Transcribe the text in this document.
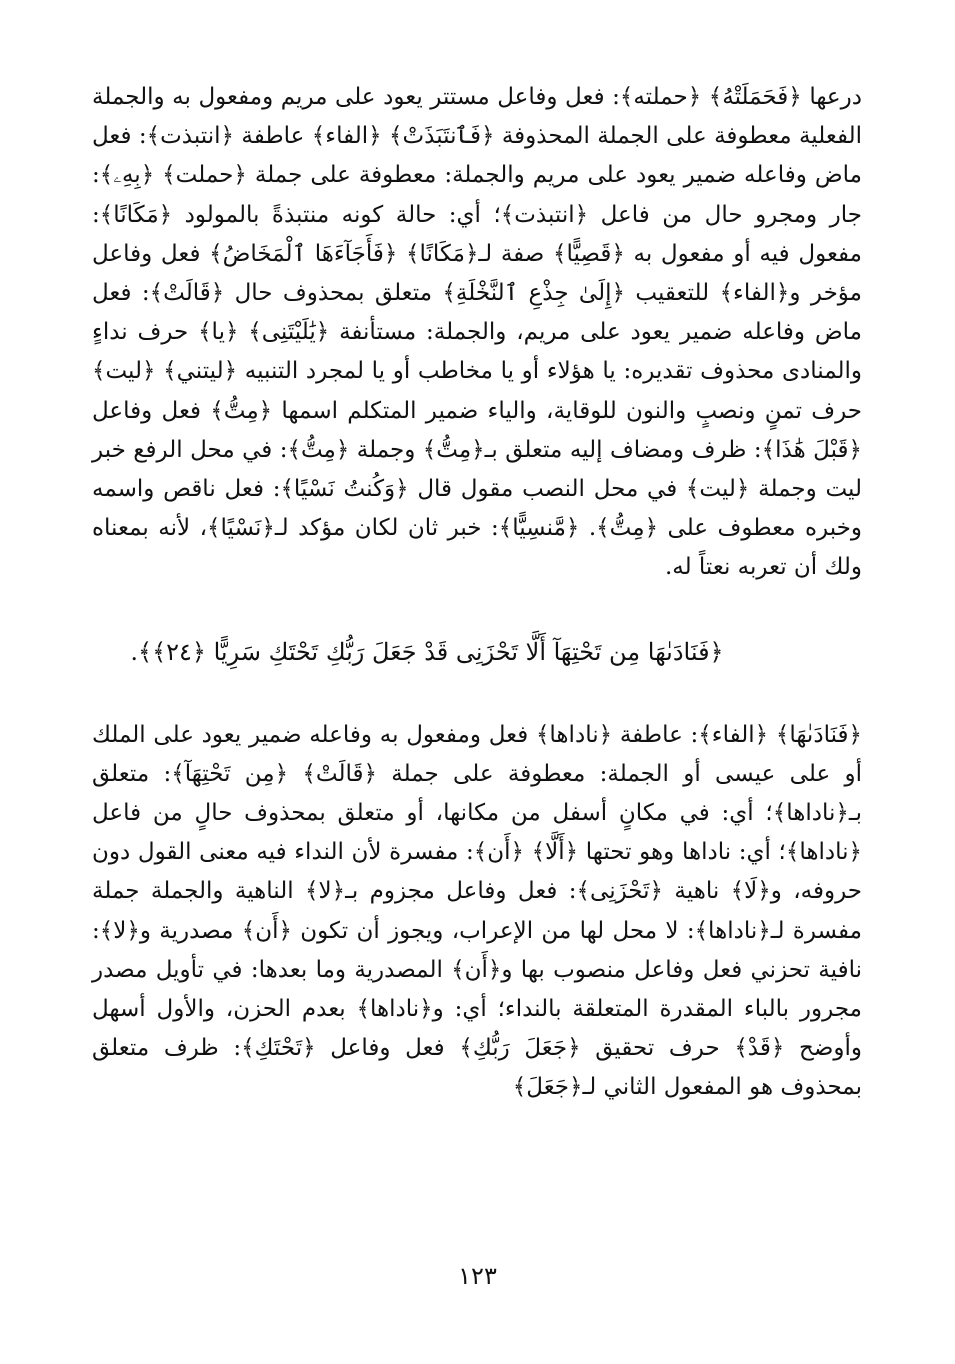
درعها ﴿فَحَمَلَتْهُ﴾ ﴿حملته﴾: فعل وفاعل مستتر يعود على مريم ومفعول به والجملة الفعلية معطوفة على الجملة المحذوفة ﴿فَٱنتَبَذَتْ﴾ ﴿الفاء﴾ عاطفة ﴿انتبذت﴾: فعل ماض وفاعله ضمير يعود على مريم والجملة: معطوفة على جملة ﴿حملت﴾ ﴿بِهِۦ﴾: جار ومجرو حال من فاعل ﴿انتبذت﴾؛ أي: حالة كونه منتبذةً بالمولود ﴿مَكَانًا﴾: مفعول فيه أو مفعول به ﴿قَصِيًّا﴾ صفة لـ﴿مَكَانًا﴾ ﴿فَأَجَآءَهَا ٱلْمَخَاضُ﴾ فعل وفاعل مؤخر و﴿الفاء﴾ للتعقيب ﴿إِلَىٰ جِذْعِ ٱلنَّخْلَةِ﴾ متعلق بمحذوف حال ﴿قَالَتْ﴾: فعل ماض وفاعله ضمير يعود على مريم، والجملة: مستأنفة ﴿يَٰلَيْتَنِى﴾ ﴿يا﴾ حرف نداءٍ والمنادى محذوف تقديره: يا هؤلاء أو يا مخاطب أو يا لمجرد التنبيه ﴿ليتني﴾ ﴿ليت﴾ حرف تمنٍ ونصبٍ والنون للوقاية، والياء ضمير المتكلم اسمها ﴿مِتُّ﴾ فعل وفاعل ﴿قَبْلَ هَٰذَا﴾: ظرف ومضاف إليه متعلق بـ﴿مِتُّ﴾ وجملة ﴿مِتُّ﴾: في محل الرفع خبر ليت وجملة ﴿ليت﴾ في محل النصب مقول قال ﴿وَكُنتُ نَسْيًا﴾: فعل ناقص واسمه وخبره معطوف على ﴿مِتُّ﴾. ﴿مَّنسِيًّا﴾: خبر ثان لكان مؤكد لـ﴿نَسْيًا﴾، لأنه بمعناه ولك أن تعربه نعتاً له.

﴿فَنَادَىٰهَا مِن تَحْتِهَآ أَلَّا تَحْزَنِى قَدْ جَعَلَ رَبُّكِ تَحْتَكِ سَرِيًّا ﴿٢٤﴾﴾.

﴿فَنَادَىٰهَا﴾ ﴿الفاء﴾: عاطفة ﴿ناداها﴾ فعل ومفعول به وفاعله ضمير يعود على الملك أو على عيسى أو الجملة: معطوفة على جملة ﴿قَالَتْ﴾ ﴿مِن تَحْتِهَآ﴾: متعلق بـ﴿ناداها﴾؛ أي: في مكانٍ أسفل من مكانها، أو متعلق بمحذوف حالٍ من فاعل ﴿ناداها﴾؛ أي: ناداها وهو تحتها ﴿أَلَّا﴾ ﴿أَن﴾: مفسرة لأن النداء فيه معنى القول دون حروفه، و﴿لَا﴾ ناهية ﴿تَحْزَنِى﴾: فعل وفاعل مجزوم بـ﴿لا﴾ الناهية والجملة جملة مفسرة لـ﴿ناداها﴾: لا محل لها من الإعراب، ويجوز أن تكون ﴿أَن﴾ مصدرية و﴿لا﴾: نافية تحزني فعل وفاعل منصوب بها و﴿أَن﴾ المصدرية وما بعدها: في تأويل مصدر مجرور بالباء المقدرة المتعلقة بالنداء؛ أي: و﴿ناداها﴾ بعدم الحزن، والأول أسهل وأوضح ﴿قَدْ﴾ حرف تحقيق ﴿جَعَلَ رَبُّكِ﴾ فعل وفاعل ﴿تَحْتَكِ﴾: ظرف متعلق بمحذوف هو المفعول الثاني لـ﴿جَعَلَ﴾

١٢٣
